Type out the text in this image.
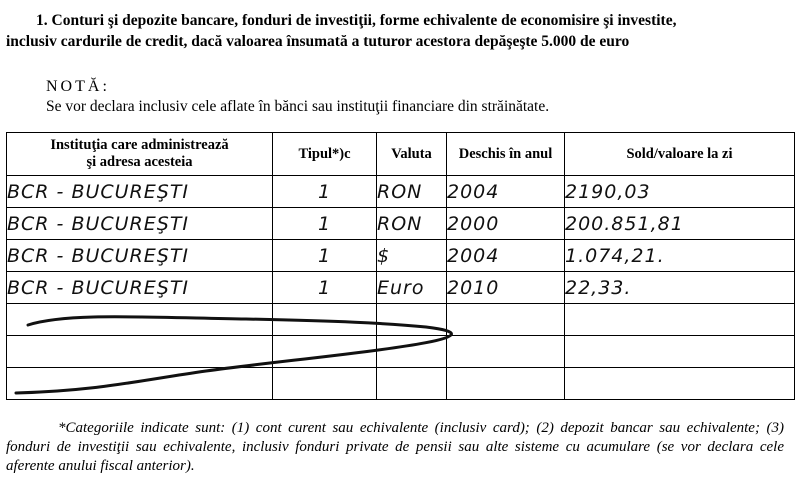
1. Conturi şi depozite bancare, fonduri de investiţii, forme echivalente de economisire şi investite,
inclusiv cardurile de credit, dacă valoarea însumată a tuturor acestora depăşeşte 5.000 de euro
NOTĂ:
Se vor declara inclusiv cele aflate în bănci sau instituţii financiare din străinătate.
Instituţia care administrează
şi adresa acesteia	Tipul*)c	Valuta	Deschis în anul	Sold/valoare la zi
BCR - BUCUREŞTI	1	RON	2004	2190,03
BCR - BUCUREŞTI	1	RON	2000	200.851,81
BCR - BUCUREŞTI	1	$	2004	1.074,21.
BCR - BUCUREŞTI	1	Euro	2010	22,33.

*Categoriile indicate sunt: (1) cont curent sau echivalente (inclusiv card); (2) depozit bancar sau echivalente; (3) fonduri de investiţii sau echivalente, inclusiv fonduri private de pensii sau alte sisteme cu acumulare (se vor declara cele aferente anului fiscal anterior).
